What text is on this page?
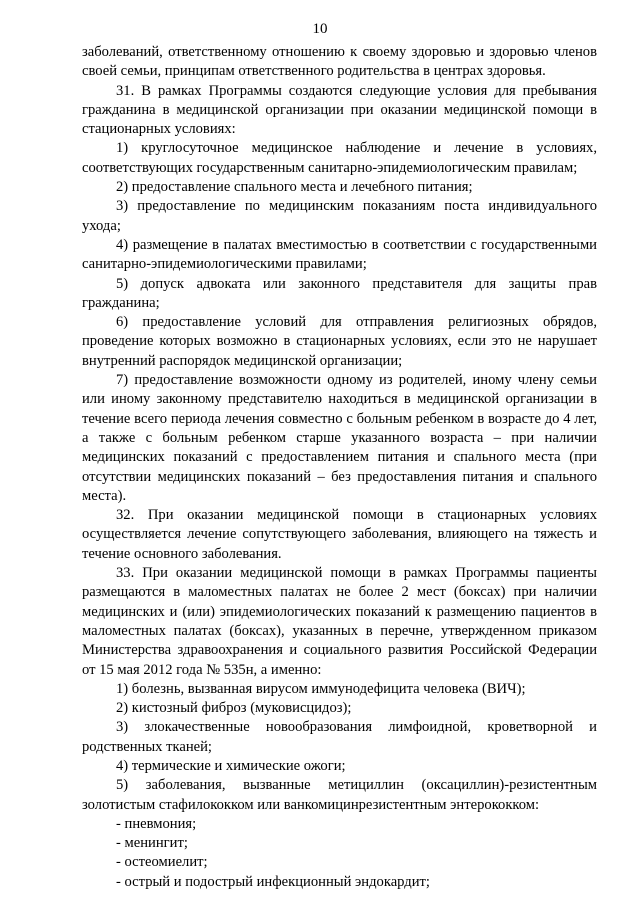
10

заболеваний, ответственному отношению к своему здоровью и здоровью членов своей семьи, принципам ответственного родительства в центрах здоровья.

31. В рамках Программы создаются следующие условия для пребывания гражданина в медицинской организации при оказании медицинской помощи в стационарных условиях:

1) круглосуточное медицинское наблюдение и лечение в условиях, соответствующих государственным санитарно-эпидемиологическим правилам;

2) предоставление спального места и лечебного питания;

3) предоставление по медицинским показаниям поста индивидуального ухода;

4) размещение в палатах вместимостью в соответствии с государственными санитарно-эпидемиологическими правилами;

5) допуск адвоката или законного представителя для защиты прав гражданина;

6) предоставление условий для отправления религиозных обрядов, проведение которых возможно в стационарных условиях, если это не нарушает внутренний распорядок медицинской организации;

7) предоставление возможности одному из родителей, иному члену семьи или иному законному представителю находиться в медицинской организации в течение всего периода лечения совместно с больным ребенком в возрасте до 4 лет, а также с больным ребенком старше указанного возраста – при наличии медицинских показаний с предоставлением питания и спального места (при отсутствии медицинских показаний – без предоставления питания и спального места).

32. При оказании медицинской помощи в стационарных условиях осуществляется лечение сопутствующего заболевания, влияющего на тяжесть и течение основного заболевания.

33. При оказании медицинской помощи в рамках Программы пациенты размещаются в маломестных палатах не более 2 мест (боксах) при наличии медицинских и (или) эпидемиологических показаний к размещению пациентов в маломестных палатах (боксах), указанных в перечне, утвержденном приказом Министерства здравоохранения и социального развития Российской Федерации от 15 мая 2012 года № 535н, а именно:

1) болезнь, вызванная вирусом иммунодефицита человека (ВИЧ);

2) кистозный фиброз (муковисцидоз);

3) злокачественные новообразования лимфоидной, кроветворной и родственных тканей;

4) термические и химические ожоги;

5) заболевания, вызванные метициллин (оксациллин)-резистентным золотистым стафилококком или ванкомицинрезистентным энтерококком:

- пневмония;

- менингит;

- остеомиелит;

- острый и подострый инфекционный эндокардит;
